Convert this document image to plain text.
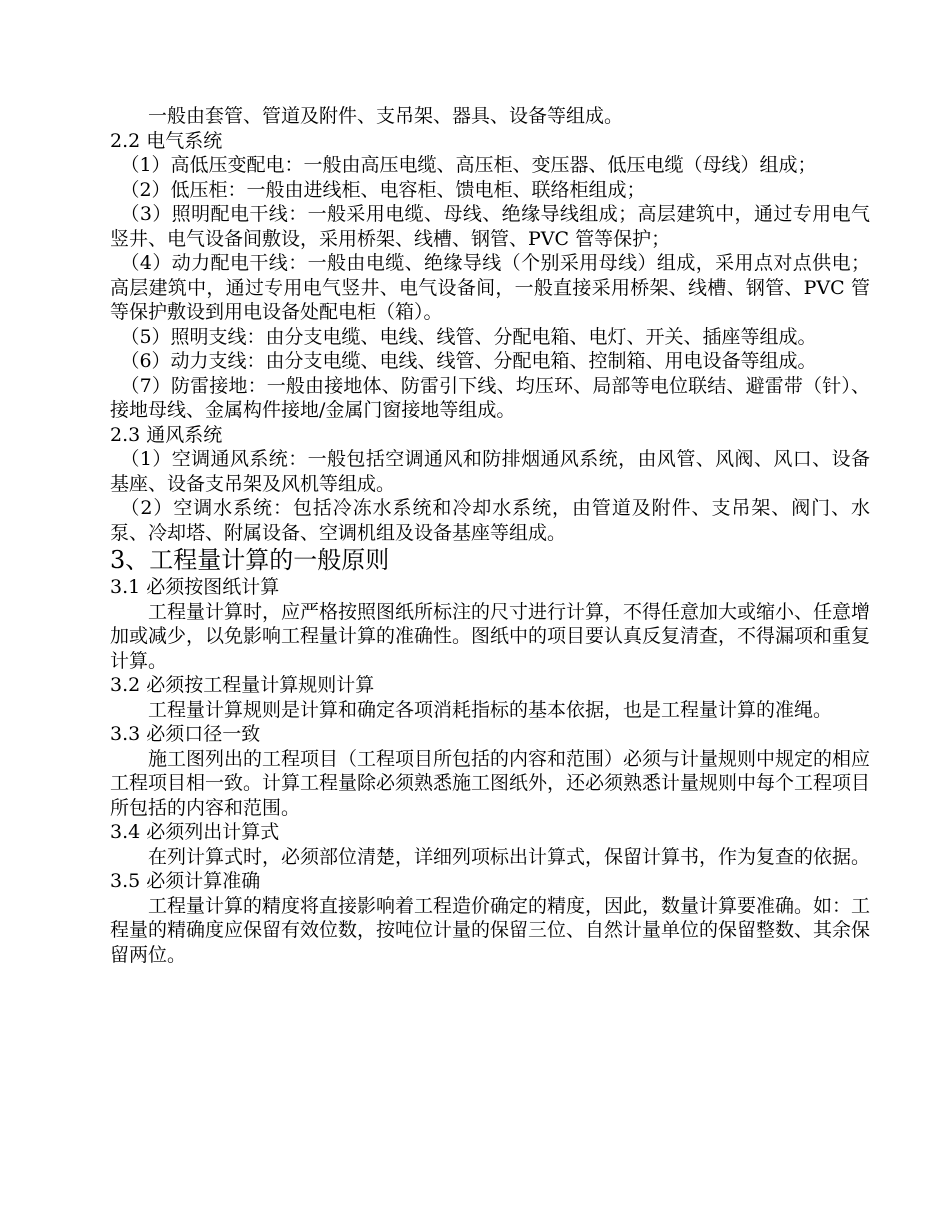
一般由套管、管道及附件、支吊架、器具、设备等组成。

2.2 电气系统

（1）高低压变配电：一般由高压电缆、高压柜、变压器、低压电缆（母线）组成；

（2）低压柜：一般由进线柜、电容柜、馈电柜、联络柜组成；

（3）照明配电干线：一般采用电缆、母线、绝缘导线组成；高层建筑中，通过专用电气竖井、电气设备间敷设，采用桥架、线槽、钢管、PVC 管等保护；

（4）动力配电干线：一般由电缆、绝缘导线（个别采用母线）组成，采用点对点供电；高层建筑中，通过专用电气竖井、电气设备间，一般直接采用桥架、线槽、钢管、PVC 管等保护敷设到用电设备处配电柜（箱）。

（5）照明支线：由分支电缆、电线、线管、分配电箱、电灯、开关、插座等组成。

（6）动力支线：由分支电缆、电线、线管、分配电箱、控制箱、用电设备等组成。

（7）防雷接地：一般由接地体、防雷引下线、均压环、局部等电位联结、避雷带（针）、接地母线、金属构件接地/金属门窗接地等组成。

2.3 通风系统

（1）空调通风系统：一般包括空调通风和防排烟通风系统，由风管、风阀、风口、设备基座、设备支吊架及风机等组成。

（2）空调水系统：包括冷冻水系统和冷却水系统，由管道及附件、支吊架、阀门、水泵、冷却塔、附属设备、空调机组及设备基座等组成。

3、工程量计算的一般原则

3.1 必须按图纸计算

工程量计算时，应严格按照图纸所标注的尺寸进行计算，不得任意加大或缩小、任意增加或减少，以免影响工程量计算的准确性。图纸中的项目要认真反复清查，不得漏项和重复计算。

3.2 必须按工程量计算规则计算

工程量计算规则是计算和确定各项消耗指标的基本依据，也是工程量计算的准绳。

3.3 必须口径一致

施工图列出的工程项目（工程项目所包括的内容和范围）必须与计量规则中规定的相应工程项目相一致。计算工程量除必须熟悉施工图纸外，还必须熟悉计量规则中每个工程项目所包括的内容和范围。

3.4 必须列出计算式

在列计算式时，必须部位清楚，详细列项标出计算式，保留计算书，作为复查的依据。

3.5 必须计算准确

工程量计算的精度将直接影响着工程造价确定的精度，因此，数量计算要准确。如：工程量的精确度应保留有效位数，按吨位计量的保留三位、自然计量单位的保留整数、其余保留两位。
